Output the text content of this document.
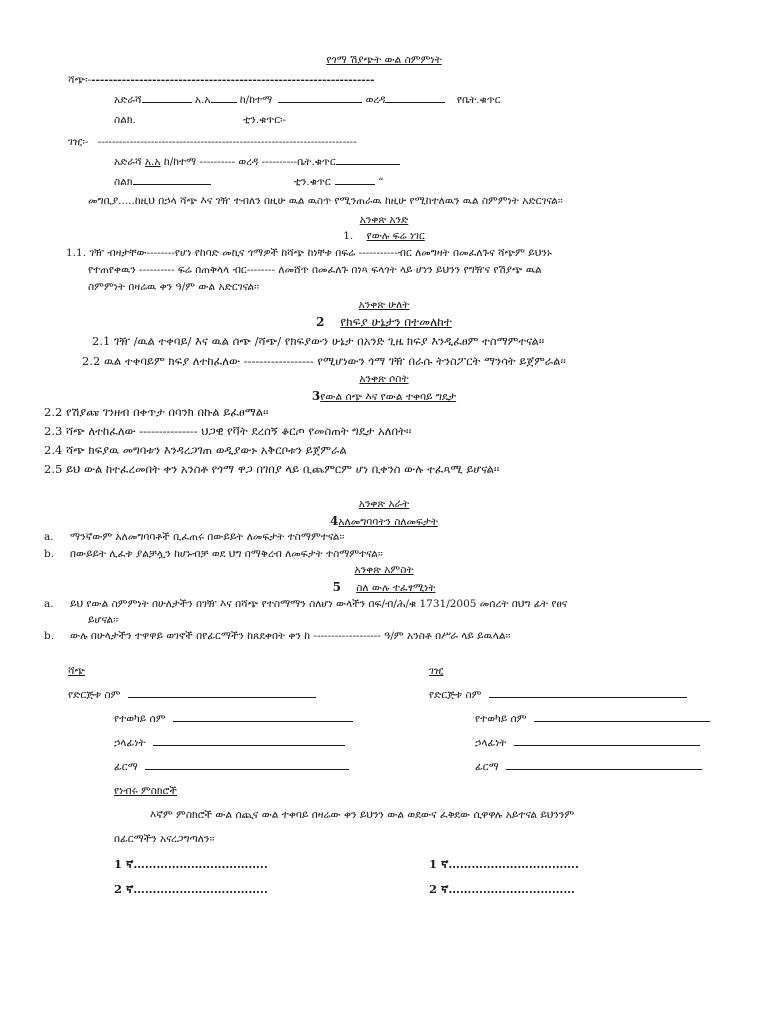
የጎማ ሽያጭት ውል ስምምነት
ሻጭ፡------------------------------------------------------------------
አድራሻ	አ.አ	ከ/ከተማ	ወረዳ	የቤት.ቁጥር
ስልክ.	ቲን.ቁጥር፡-
ገዢ፡- -------------------------------------------------------------------------
አድራሻ አ.አ ከ/ከተማ ---------- ወረዳ ----------ቤት.ቁጥር
ስልክ	ቲን.ቁጥር	“
መግቢያ.....ከዚህ በኃላ ሻጭ እና ገዥ ተብለን በዚሁ ዉል ዉስጥ የሚንጠራዉ ከዚሁ የሚከተለዉን ዉል ስምምነት አድርገናል፡፡
አንቀጽ አንድ
1. የውሉ ፍሬ ነገር
1.1. ገዥ ብዛታቸው--------የሆነ የከባድ መኪና ጎማዎች ከሻጭ ከነቸቱ በፍሬ -----------ብር ለመግዛት በመፈለጉና ሻጭም ይህንኑ
የተጠየቀዉን ---------- ፍሬ በጠቅላላ ብር-------- ለመሸጥ በመፈለጉ በነጻ ፍላጎት ላይ ሆነን ይህንን የግዥና የሽያጭ ዉል
ስምምነት በዛሬዉ ቀን ዓ/ም ውል አድርገናል፡፡
አንቀጽ ሁለት
2 የክፍያ ሁኔታን በተመለከተ
2.1 ገዥ /ዉል ተቀባይ/ እና ዉል ሰጭ /ሻጭ/ የክፍያውን ሁኔታ በአንድ ጊዜ ክፍያ እንዲፈፀም ተስማምተናል፡፡
2.2 ዉል ተቀባይም ክፍያ ለተከፈለው ------------------ የሚሆነውን ጎማ ገዥ በራሱ ትንስፖርት ማንሳት ይጀምራል፡፡
አንቀጽ ሶስት
3የውል ሰጭ እና የውል ተቀባይ ግዴታ
2.2 የሽያጩ ገንዘብ በቀጥታ በባንክ በኩል ይፈፀማል፡፡
2.3 ሻጭ ለተከፈለው --------------- ህጋዊ የቫት ደረሰኝ ቆርጦ የመስጠት ግዴታ አለበት፡፡
2.4 ሻጭ ክፍያዉ መግባቱን እንዳረጋገጠ ወዲያውኑ አቅርቦቱን ይጀምራል
2.5 ይህ ውል ከተፈረመበት ቀን አንስቶ የጎማ ዋጋ በገበያ ላይ ቢጨምርም ሆነ ቢቀንስ ውሉ ተፈጻሚ ይሆናል፡፡
አንቀጽ አራት
4አለመግባባትን ስለመፍታት
a. ማንኛውም አለመግባባቶች ቢፈጠሩ በውይይት ለመፍታት ተስማምተናል፡፡
b. በውይይት ሊፈቱ ያልቻሏን ከሆኑብቻ ወደ ህግ በማቅረብ ለመፍታት ተስማምተናል፡፡
አንቀጽ አምስት
5 ስለ ውሉ ተፈፃሚነት
a. ይህ የውል ስምምነት በሁለታችን በገዥ እና በሻጭ የተስማማን ስለሆነ ውላችን በፍ/ብ/ሕ/ቁ 1731/2005 መሰረት በህግ ፊት የፀና
ይሆናል፡፡
b. ውሉ በሁላታችን ተዋዋይ ወገኖች በየፊርማችን ከጸደቀበት ቀን ከ ------------------- ዓ/ም አንስቶ በሥራ ላይ ይዉላል፡፡
ሻጭ	ገዢ
የድርጅቱ ስም	የድርጅቱ ስም
የተወካይ ሰም	የተወካይ ሰም
ኃላፊነት	ኃላፊነት
ፊርማ	ፊርማ
የነብሩ ምስክሮች
እኛም ምስክሮች ውል ሰጪና ውል ተቀባይ በዛሬው ቀን ይህንን ውል ወደውና ፈቅደው ሲዋዋሉ አይተናል ይህንንም
በፊርማችን አናረጋግጣለን፡፡
1 ኛ……………………………..	1 ኛ…………………………….
2 ኛ……………………………..	2 ኛ……………………………
